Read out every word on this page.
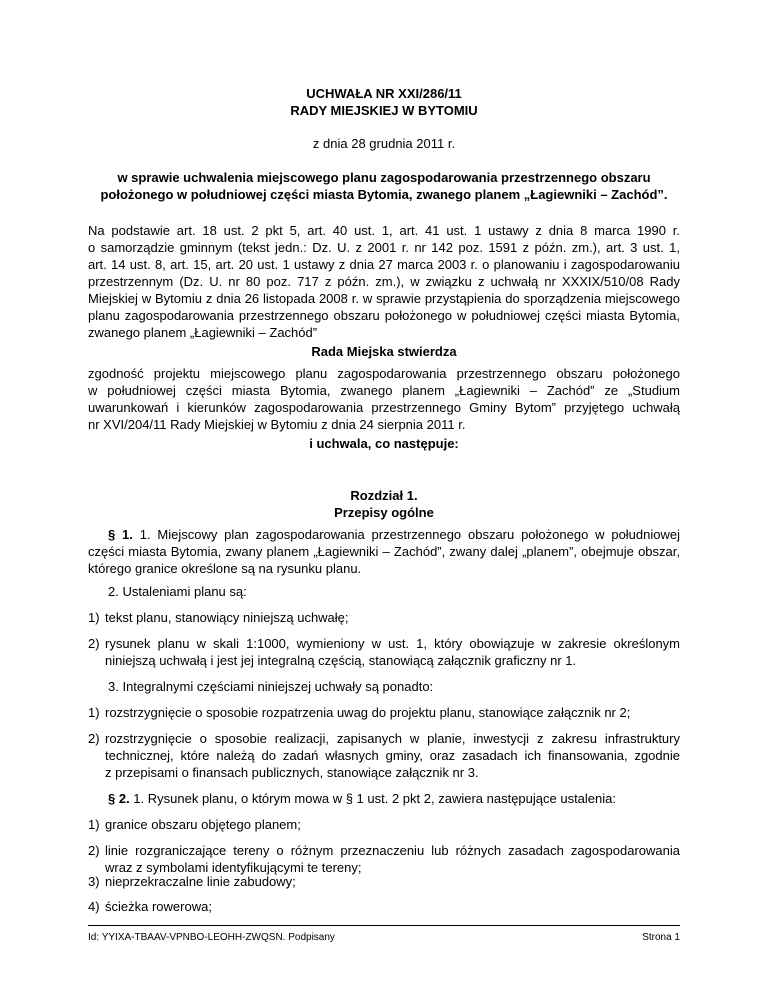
UCHWAŁA NR XXI/286/11
RADY MIEJSKIEJ W BYTOMIU
z dnia 28 grudnia 2011 r.
w sprawie uchwalenia miejscowego planu zagospodarowania przestrzennego obszaru
położonego w południowej części miasta Bytomia, zwanego planem „Łagiewniki – Zachód”.
Na podstawie art. 18 ust. 2 pkt 5, art. 40 ust. 1, art. 41 ust. 1 ustawy z dnia 8 marca 1990 r.
o samorządzie gminnym (tekst jedn.: Dz. U. z 2001 r. nr 142 poz. 1591 z późn. zm.), art. 3 ust. 1,
art. 14 ust. 8, art. 15, art. 20 ust. 1 ustawy z dnia 27 marca 2003 r. o planowaniu i zagospodarowaniu
przestrzennym (Dz. U. nr 80 poz. 717 z późn. zm.), w związku z uchwałą nr XXXIX/510/08 Rady
Miejskiej w Bytomiu z dnia 26 listopada 2008 r. w sprawie przystąpienia do sporządzenia miejscowego
planu zagospodarowania przestrzennego obszaru położonego w południowej części miasta Bytomia,
zwanego planem „Łagiewniki – Zachód”
Rada Miejska stwierdza
zgodność projektu miejscowego planu zagospodarowania przestrzennego obszaru położonego
w południowej części miasta Bytomia, zwanego planem „Łagiewniki – Zachód” ze „Studium
uwarunkowań i kierunków zagospodarowania przestrzennego Gminy Bytom” przyjętego uchwałą
nr XVI/204/11 Rady Miejskiej w Bytomiu z dnia 24 sierpnia 2011 r.
i uchwala, co następuje:
Rozdział 1.
Przepisy ogólne
§ 1. 1. Miejscowy plan zagospodarowania przestrzennego obszaru położonego w południowej
części miasta Bytomia, zwany planem „Łagiewniki – Zachód”, zwany dalej „planem”, obejmuje obszar,
którego granice określone są na rysunku planu.
2. Ustaleniami planu są:
1) tekst planu, stanowiący niniejszą uchwałę;
2) rysunek planu w skali 1:1000, wymieniony w ust. 1, który obowiązuje w zakresie określonym
niniejszą uchwałą i jest jej integralną częścią, stanowiącą załącznik graficzny nr 1.
3. Integralnymi częściami niniejszej uchwały są ponadto:
1) rozstrzygnięcie o sposobie rozpatrzenia uwag do projektu planu, stanowiące załącznik nr 2;
2) rozstrzygnięcie o sposobie realizacji, zapisanych w planie, inwestycji z zakresu infrastruktury
technicznej, które należą do zadań własnych gminy, oraz zasadach ich finansowania, zgodnie
z przepisami o finansach publicznych, stanowiące załącznik nr 3.
§ 2. 1. Rysunek planu, o którym mowa w § 1 ust. 2 pkt 2, zawiera następujące ustalenia:
1) granice obszaru objętego planem;
2) linie rozgraniczające tereny o różnym przeznaczeniu lub różnych zasadach zagospodarowania
wraz z symbolami identyfikującymi te tereny;
3) nieprzekraczalne linie zabudowy;
4) ścieżka rowerowa;
Id: YYIXA-TBAAV-VPNBO-LEOHH-ZWQSN. Podpisany	Strona 1
